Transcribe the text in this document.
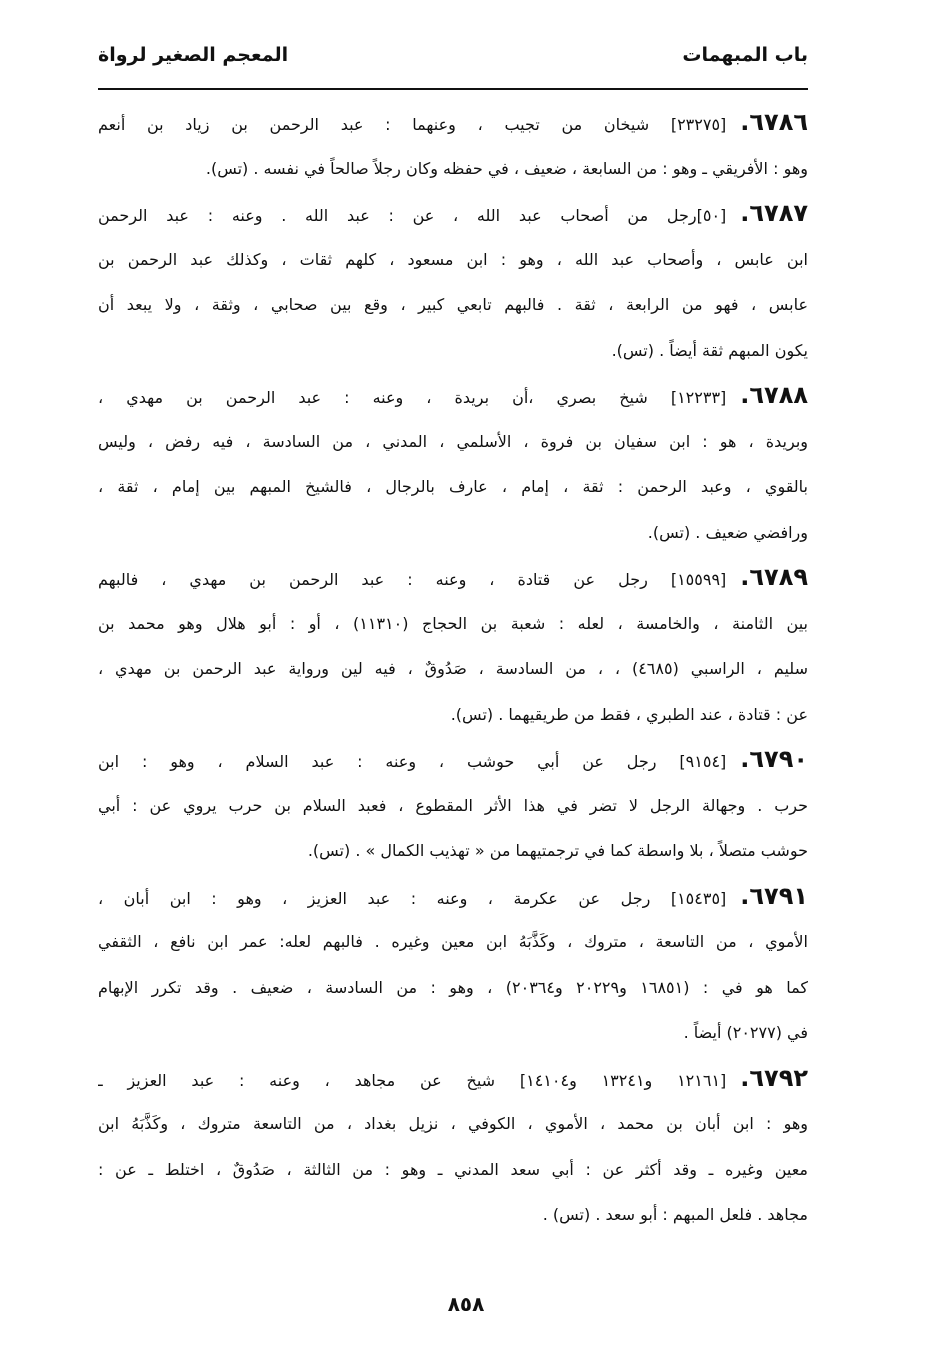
باب المبهمات
المعجم الصغير لرواة
٦٧٨٦.[٢٣٢٧٥] شيخان من تجيب ، وعنهما : عبد الرحمن بن زياد بن أنعم
وهو : الأفريقي ـ وهو : من السابعة ، ضعيف ، في حفظه وكان رجلاً صالحاً في نفسه . (تس).
٦٧٨٧.[٥٠]رجل من أصحاب عبد الله ، عن : عبد الله . وعنه : عبد الرحمن
ابن عابس ، وأصحاب عبد الله ، وهو : ابن مسعود ، كلهم ثقات ، وكذلك عبد الرحمن بن
عابس ، فهو من الرابعة ، ثقة . فالبهم تابعي كبير ، وقع بين صحابي ، وثقة ، ولا يبعد أن
يكون المبهم ثقة أيضاً . (تس).
٦٧٨٨.[١٢٢٣٣] شيخ بصري ،أن بريدة ، وعنه : عبد الرحمن بن مهدي ،
وبريدة ، هو : ابن سفيان بن فروة ، الأسلمي ، المدني ، من السادسة ، فيه رفض ، وليس
بالقوي ، وعبد الرحمن : ثقة ، إمام ، عارف بالرجال ، فالشيخ المبهم بين إمام ، ثقة ،
ورافضي ضعيف . (تس).
٦٧٨٩.[١٥٥٩٩] رجل عن قتادة ، وعنه : عبد الرحمن بن مهدي ، فالبهم
بين الثامنة ، والخامسة ، لعله : شعبة بن الحجاج (١١٣١٠) ، أو : أبو هلال وهو محمد بن
سليم ، الراسبي (٤٦٨٥) ، ، من السادسة ، صَدُوقٌ ، فيه لين ورواية عبد الرحمن بن مهدي ،
عن : قتادة ، عند الطبري ، فقط من طريقيهما . (تس).
٦٧٩٠.[٩١٥٤] رجل عن أبي حوشب ، وعنه : عبد السلام ، وهو : ابن
حرب . وجهالة الرجل لا تضر في هذا الأثر المقطوع ، فعبد السلام بن حرب يروي عن : أبي
حوشب متصلاً ، بلا واسطة كما في ترجمتيهما من « تهذيب الكمال » . (تس).
٦٧٩١.[١٥٤٣٥] رجل عن عكرمة ، وعنه : عبد العزيز ، وهو : ابن أبان ،
الأموي ، من التاسعة ، متروك ، وكَذَّبَهُ ابن معين وغيره . فالبهم لعله: عمر ابن نافع ، الثقفي
كما هو في : (١٦٨٥١ و٢٠٢٢٩ و٢٠٣٦٤) ، وهو : من السادسة ، ضعيف . وقد تكرر الإبهام
في (٢٠٢٧٧) أيضاً .
٦٧٩٢.[١٢١٦١ و١٣٢٤١ و١٤١٠٤] شيخ عن مجاهد ، وعنه : عبد العزيز ـ
وهو : ابن أبان بن محمد ، الأموي ، الكوفي ، نزيل بغداد ، من التاسعة متروك ، وكَذَّبَهُ ابن
معين وغيره ـ وقد أكثر عن : أبي سعد المدني ـ وهو : من الثالثة ، صَدُوقٌ ، اختلط ـ عن :
مجاهد . فلعل المبهم : أبو سعد . (تس) .
٨٥٨
